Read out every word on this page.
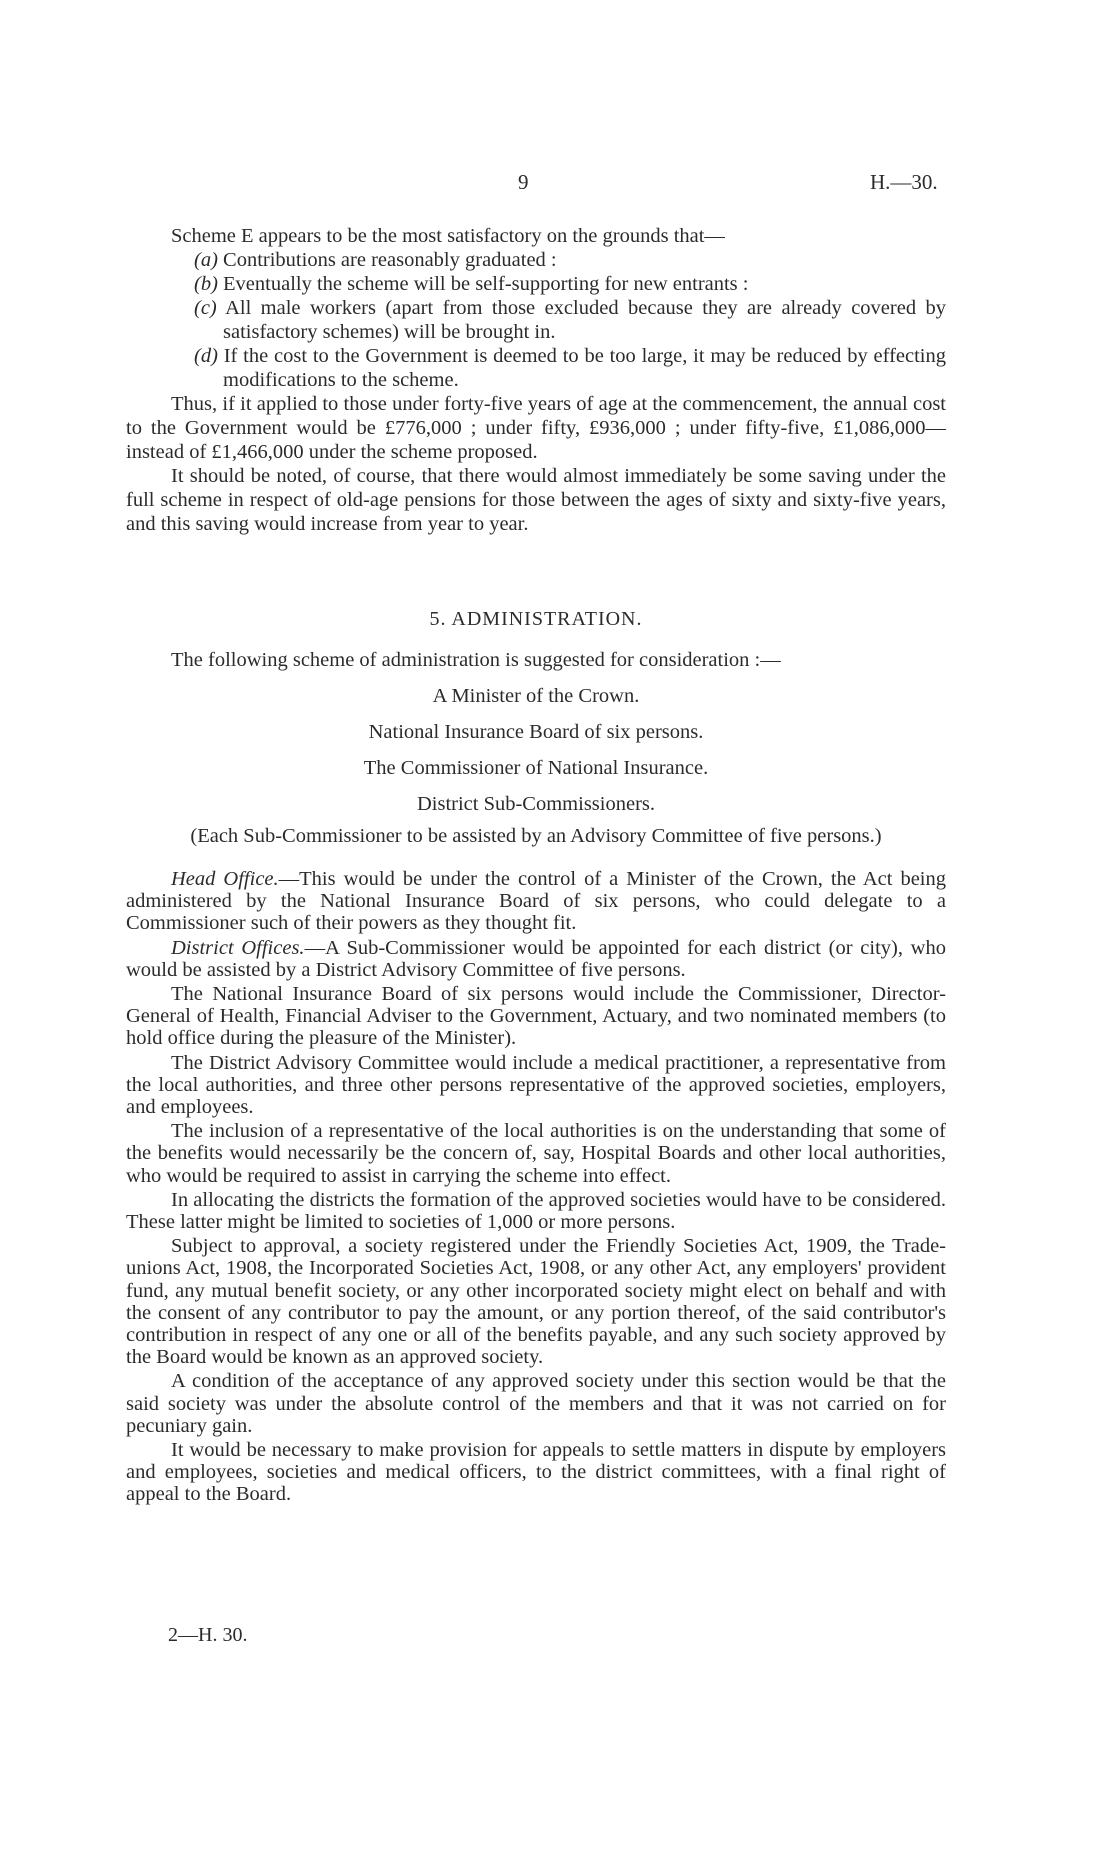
9	H.—30.

Scheme E appears to be the most satisfactory on the grounds that—

(a) Contributions are reasonably graduated :

(b) Eventually the scheme will be self-supporting for new entrants :

(c) All male workers (apart from those excluded because they are already covered by satisfactory schemes) will be brought in.

(d) If the cost to the Government is deemed to be too large, it may be reduced by effecting modifications to the scheme.

Thus, if it applied to those under forty-five years of age at the commencement, the annual cost to the Government would be £776,000 ; under fifty, £936,000 ; under fifty-five, £1,086,000—instead of £1,466,000 under the scheme proposed.

It should be noted, of course, that there would almost immediately be some saving under the full scheme in respect of old-age pensions for those between the ages of sixty and sixty-five years, and this saving would increase from year to year.

5. ADMINISTRATION.

The following scheme of administration is suggested for consideration :—

A Minister of the Crown.

National Insurance Board of six persons.

The Commissioner of National Insurance.

District Sub-Commissioners.

(Each Sub-Commissioner to be assisted by an Advisory Committee of five persons.)

Head Office.—This would be under the control of a Minister of the Crown, the Act being administered by the National Insurance Board of six persons, who could delegate to a Commissioner such of their powers as they thought fit.

District Offices.—A Sub-Commissioner would be appointed for each district (or city), who would be assisted by a District Advisory Committee of five persons.

The National Insurance Board of six persons would include the Commissioner, Director-General of Health, Financial Adviser to the Government, Actuary, and two nominated members (to hold office during the pleasure of the Minister).

The District Advisory Committee would include a medical practitioner, a representative from the local authorities, and three other persons representative of the approved societies, employers, and employees.

The inclusion of a representative of the local authorities is on the understanding that some of the benefits would necessarily be the concern of, say, Hospital Boards and other local authorities, who would be required to assist in carrying the scheme into effect.

In allocating the districts the formation of the approved societies would have to be considered. These latter might be limited to societies of 1,000 or more persons.

Subject to approval, a society registered under the Friendly Societies Act, 1909, the Trade-unions Act, 1908, the Incorporated Societies Act, 1908, or any other Act, any employers' provident fund, any mutual benefit society, or any other incorporated society might elect on behalf and with the consent of any contributor to pay the amount, or any portion thereof, of the said contributor's contribution in respect of any one or all of the benefits payable, and any such society approved by the Board would be known as an approved society.

A condition of the acceptance of any approved society under this section would be that the said society was under the absolute control of the members and that it was not carried on for pecuniary gain.

It would be necessary to make provision for appeals to settle matters in dispute by employers and employees, societies and medical officers, to the district committees, with a final right of appeal to the Board.

2—H. 30.
